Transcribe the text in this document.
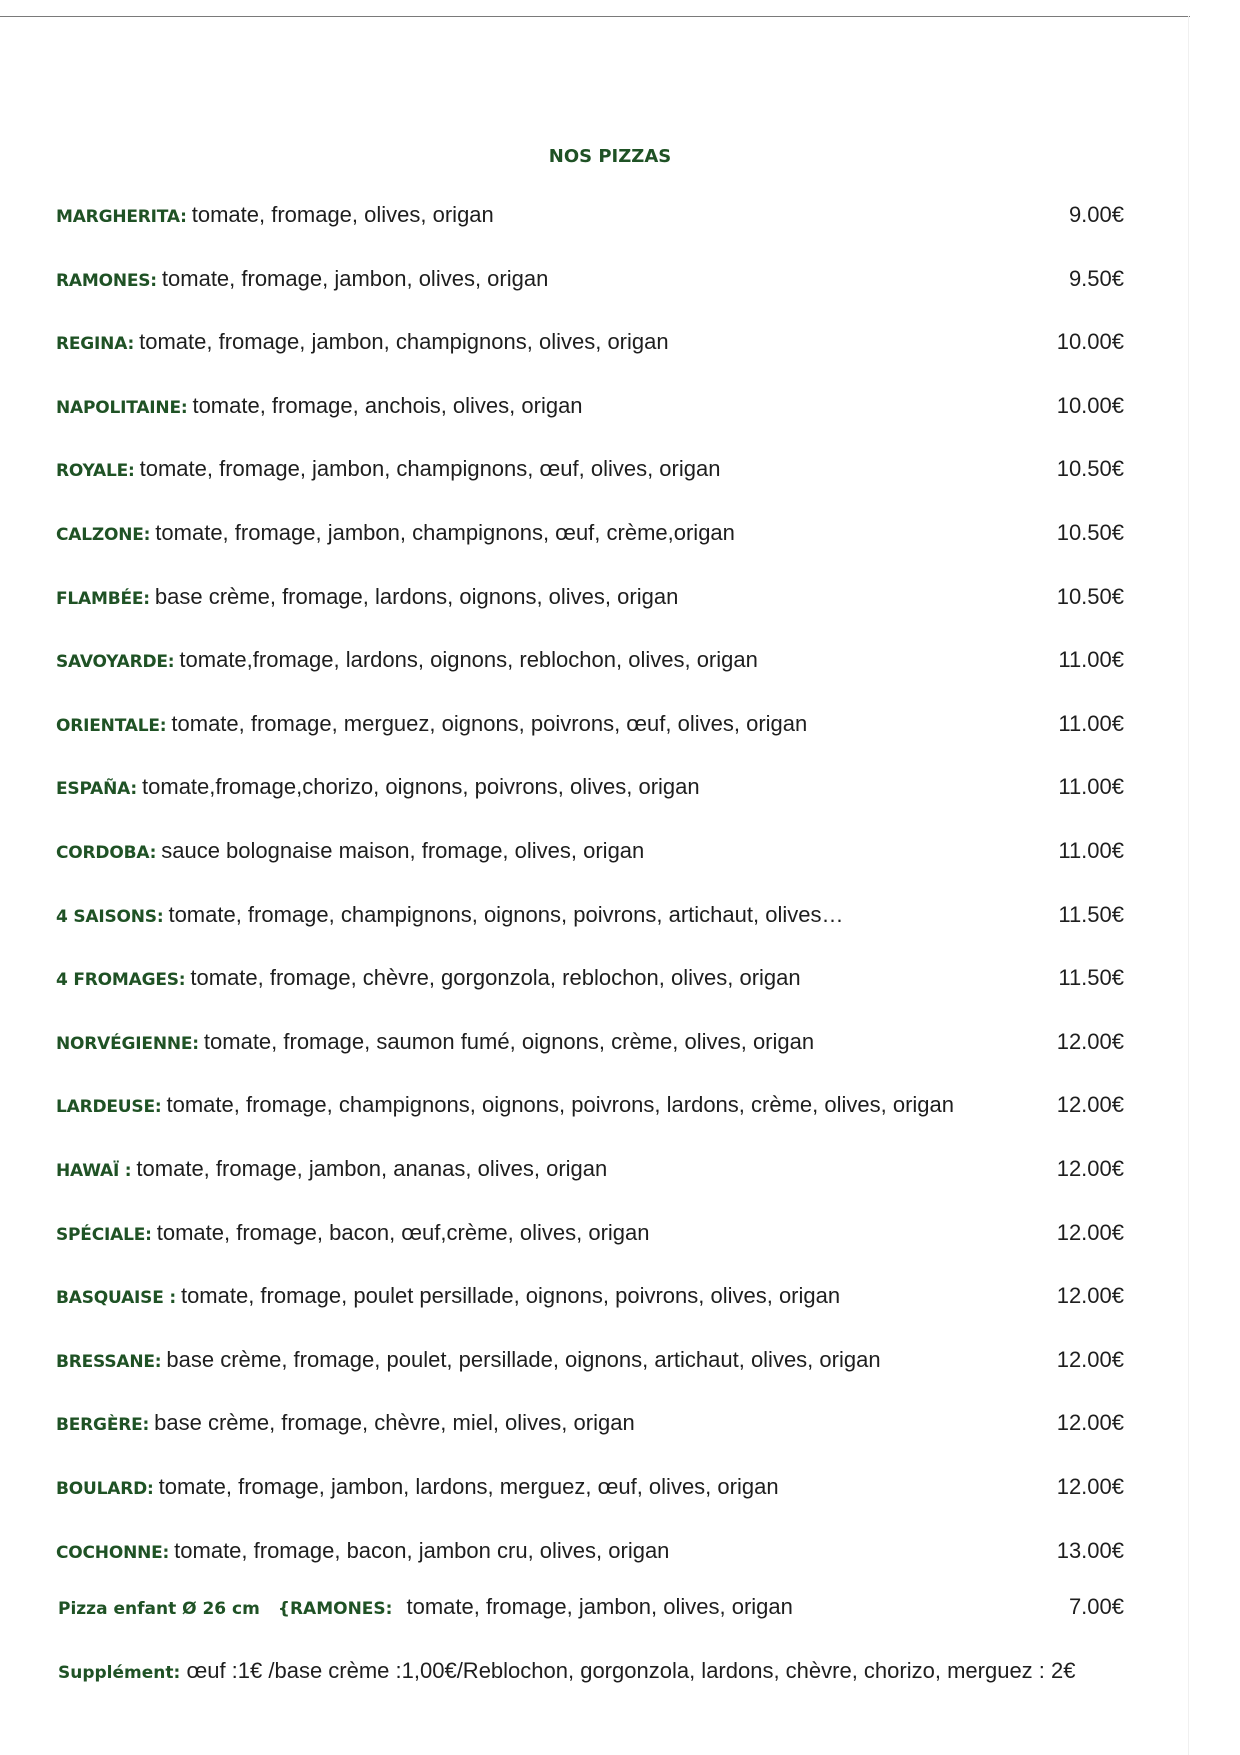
NOS PIZZAS
MARGHERITA: tomate, fromage, olives, origan	9.00€
RAMONES: tomate, fromage, jambon, olives, origan	9.50€
REGINA: tomate, fromage, jambon, champignons, olives, origan	10.00€
NAPOLITAINE: tomate, fromage, anchois, olives, origan	10.00€
ROYALE: tomate, fromage, jambon, champignons, œuf, olives, origan	10.50€
CALZONE: tomate, fromage, jambon, champignons, œuf, crème,origan	10.50€
FLAMBÉE: base crème, fromage, lardons, oignons, olives, origan	10.50€
SAVOYARDE: tomate,fromage, lardons, oignons, reblochon, olives, origan	11.00€
ORIENTALE: tomate, fromage, merguez, oignons, poivrons, œuf, olives, origan	11.00€
ESPAÑA: tomate,fromage,chorizo, oignons, poivrons, olives, origan	11.00€
CORDOBA: sauce bolognaise maison, fromage, olives, origan	11.00€
4 SAISONS: tomate, fromage, champignons, oignons, poivrons, artichaut, olives…	11.50€
4 FROMAGES: tomate, fromage, chèvre, gorgonzola, reblochon, olives, origan	11.50€
NORVÉGIENNE: tomate, fromage, saumon fumé, oignons, crème, olives, origan	12.00€
LARDEUSE: tomate, fromage, champignons, oignons, poivrons, lardons, crème, olives, origan	12.00€
HAWAÏ : tomate, fromage, jambon, ananas, olives, origan	12.00€
SPÉCIALE: tomate, fromage, bacon, œuf,crème, olives, origan	12.00€
BASQUAISE : tomate, fromage, poulet persillade, oignons, poivrons, olives, origan	12.00€
BRESSANE: base crème, fromage, poulet, persillade, oignons, artichaut, olives, origan	12.00€
BERGÈRE: base crème, fromage, chèvre, miel, olives, origan	12.00€
BOULARD: tomate, fromage, jambon, lardons, merguez, œuf, olives, origan	12.00€
COCHONNE: tomate, fromage, bacon, jambon cru, olives, origan	13.00€
Pizza enfant Ø 26 cm {RAMONES: tomate, fromage, jambon, olives, origan	7.00€
Supplément: œuf :1€ /base crème :1,00€/Reblochon, gorgonzola, lardons, chèvre, chorizo, merguez : 2€
